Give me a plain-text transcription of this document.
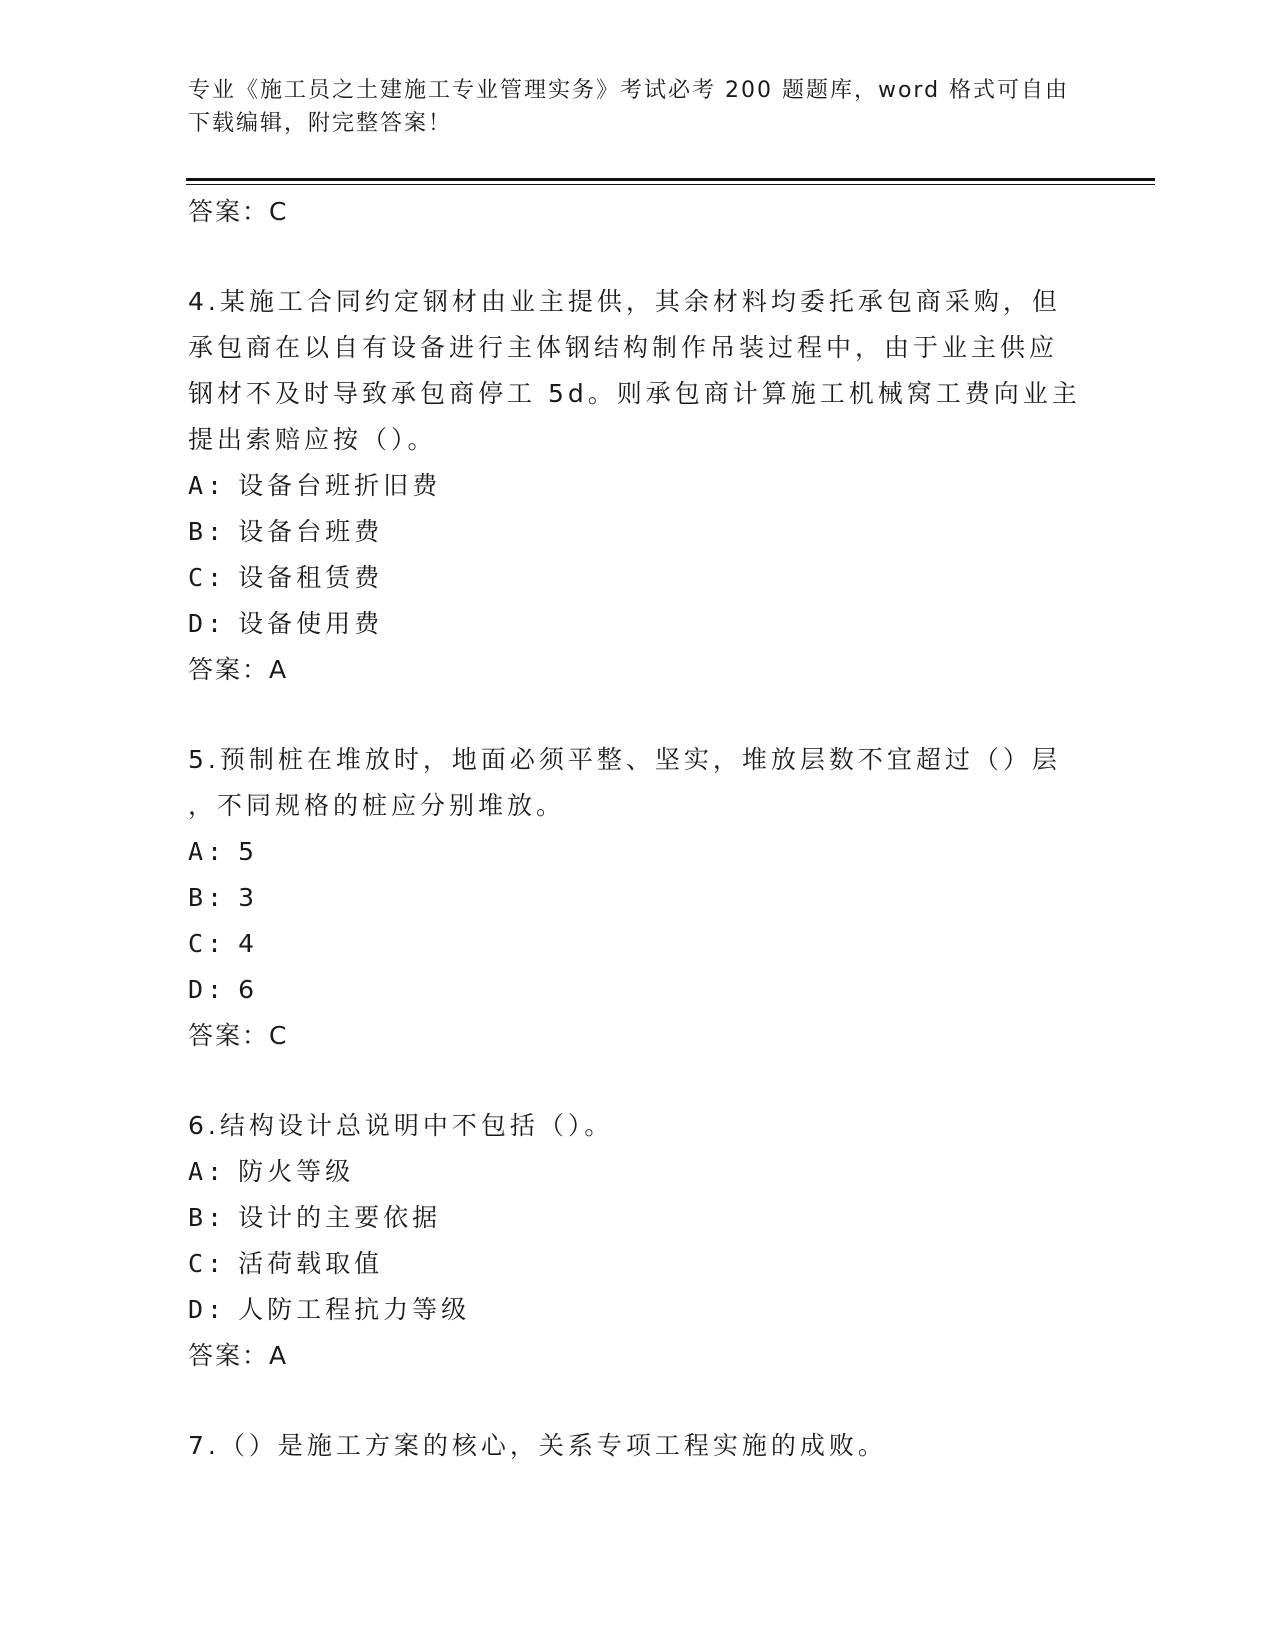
专业《施工员之土建施工专业管理实务》考试必考 200 题题库，word 格式可自由
下载编辑，附完整答案！
答案：C
4.某施工合同约定钢材由业主提供，其余材料均委托承包商采购，但
承包商在以自有设备进行主体钢结构制作吊装过程中，由于业主供应
钢材不及时导致承包商停工 5d。则承包商计算施工机械窝工费向业主
提出索赔应按（）。
A: 设备台班折旧费
B: 设备台班费
C: 设备租赁费
D: 设备使用费
答案：A
5.预制桩在堆放时，地面必须平整、坚实，堆放层数不宜超过（）层
，不同规格的桩应分别堆放。
A: 5
B: 3
C: 4
D: 6
答案：C
6.结构设计总说明中不包括（）。
A: 防火等级
B: 设计的主要依据
C: 活荷载取值
D: 人防工程抗力等级
答案：A
7.（）是施工方案的核心，关系专项工程实施的成败。
